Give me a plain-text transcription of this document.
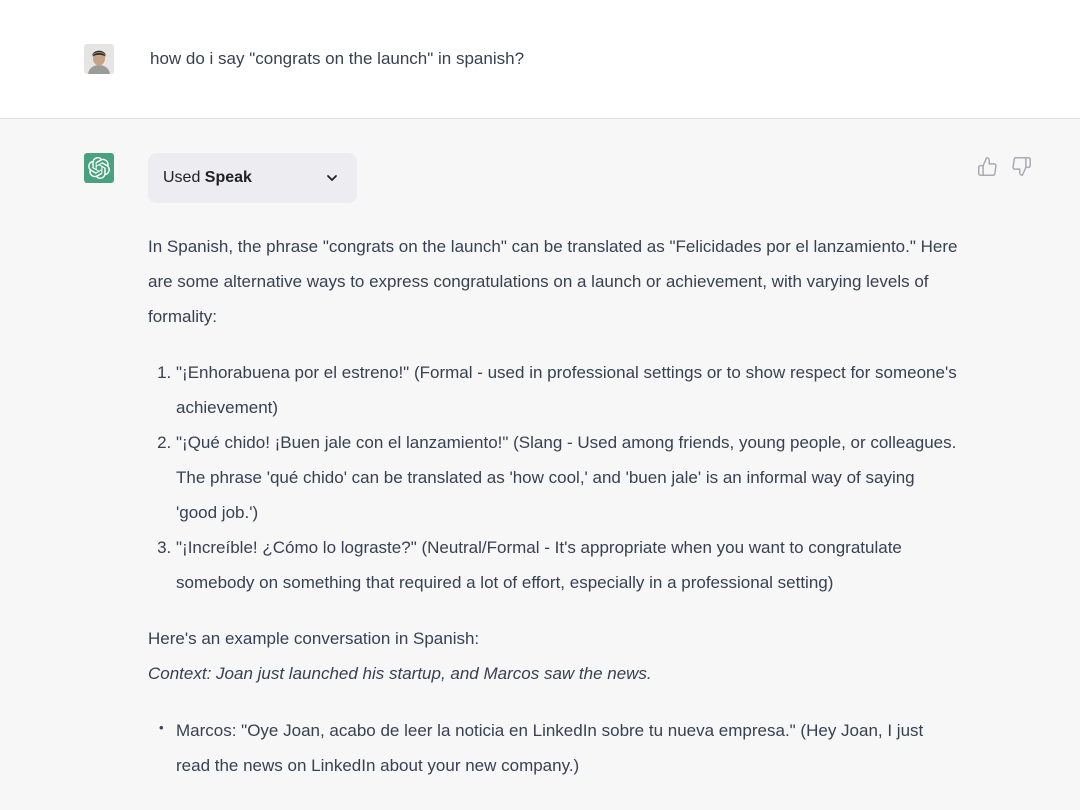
how do i say "congrats on the launch" in spanish?
Used Speak

In Spanish, the phrase "congrats on the launch" can be translated as "Felicidades por el lanzamiento." Here are some alternative ways to express congratulations on a launch or achievement, with varying levels of formality:

1. "¡Enhorabuena por el estreno!" (Formal - used in professional settings or to show respect for someone's achievement)
2. "¡Qué chido! ¡Buen jale con el lanzamiento!" (Slang - Used among friends, young people, or colleagues. The phrase 'qué chido' can be translated as 'how cool,' and 'buen jale' is an informal way of saying 'good job.')
3. "¡Increíble! ¿Cómo lo lograste?" (Neutral/Formal - It's appropriate when you want to congratulate somebody on something that required a lot of effort, especially in a professional setting)

Here's an example conversation in Spanish:

Context: Joan just launched his startup, and Marcos saw the news.

• Marcos: "Oye Joan, acabo de leer la noticia en LinkedIn sobre tu nueva empresa." (Hey Joan, I just read the news on LinkedIn about your new company.)
